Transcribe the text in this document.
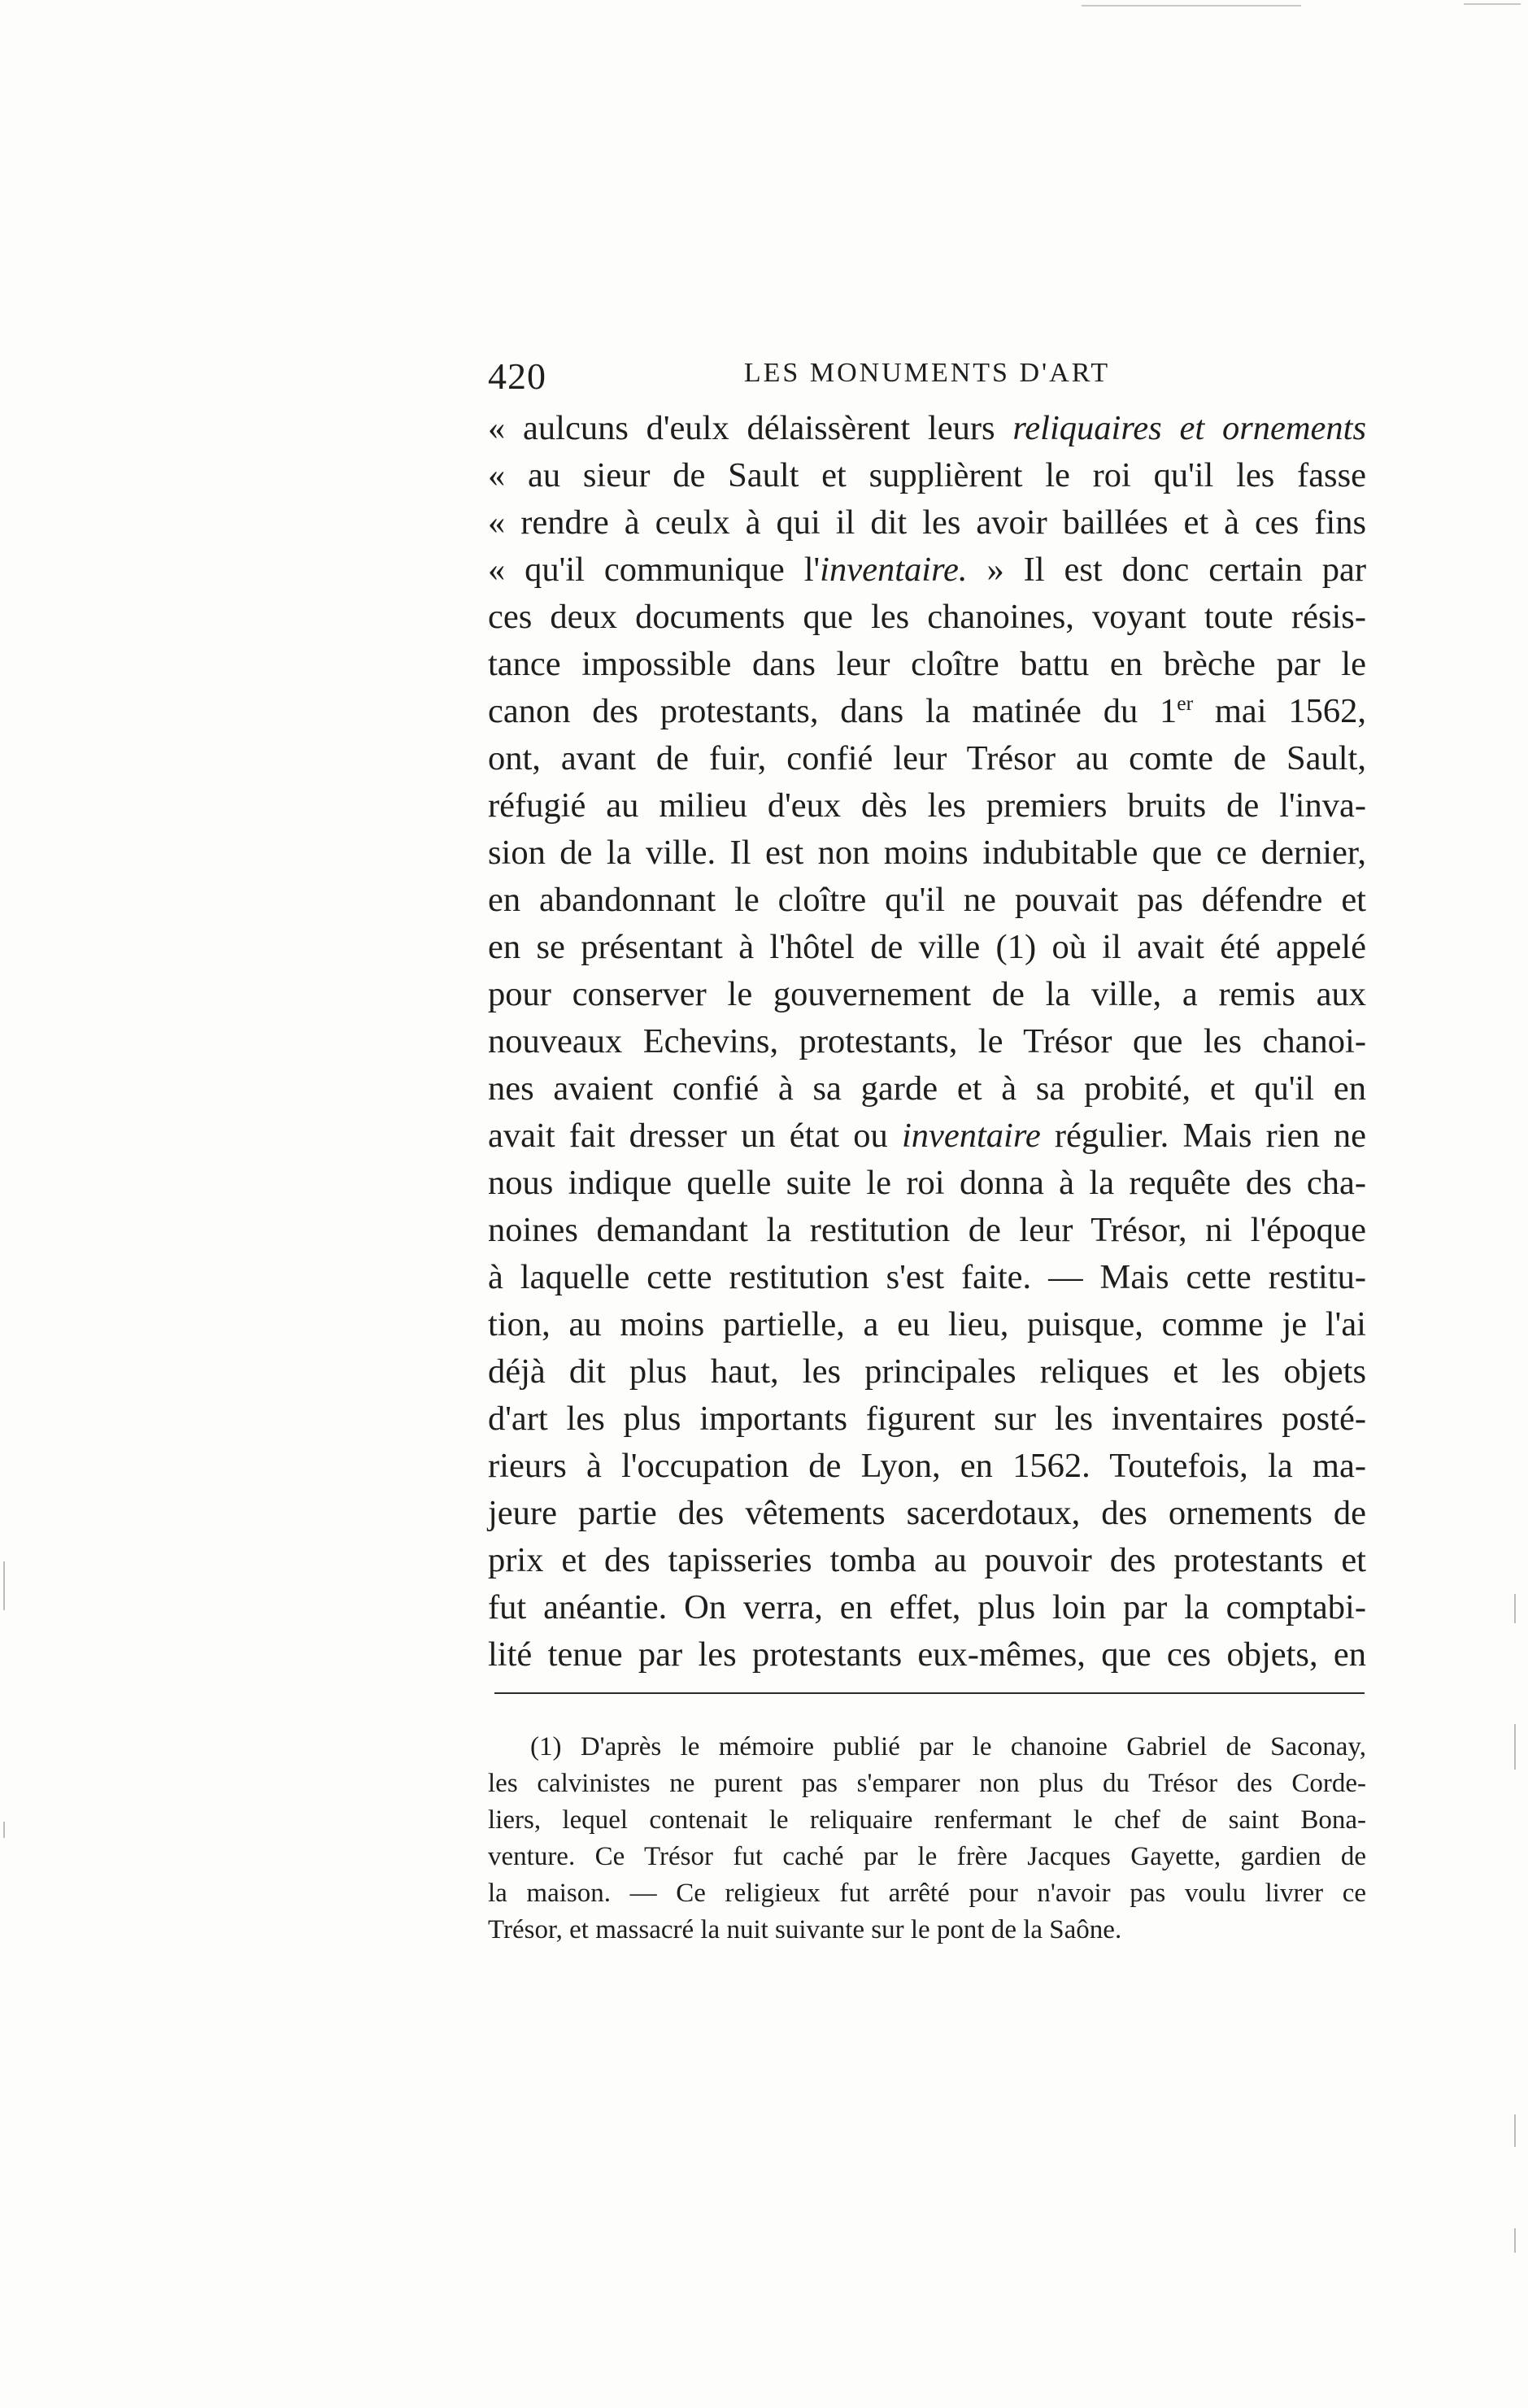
420	LES MONUMENTS D'ART
« aulcuns d'eulx délaissèrent leurs reliquaires et ornements
« au sieur de Sault et supplièrent le roi qu'il les fasse
« rendre à ceulx à qui il dit les avoir baillées et à ces fins
« qu'il communique l'inventaire. » Il est donc certain par
ces deux documents que les chanoines, voyant toute résis-
tance impossible dans leur cloître battu en brèche par le
canon des protestants, dans la matinée du 1er mai 1562,
ont, avant de fuir, confié leur Trésor au comte de Sault,
réfugié au milieu d'eux dès les premiers bruits de l'inva-
sion de la ville. Il est non moins indubitable que ce dernier,
en abandonnant le cloître qu'il ne pouvait pas défendre et
en se présentant à l'hôtel de ville (1) où il avait été appelé
pour conserver le gouvernement de la ville, a remis aux
nouveaux Echevins, protestants, le Trésor que les chanoi-
nes avaient confié à sa garde et à sa probité, et qu'il en
avait fait dresser un état ou inventaire régulier. Mais rien ne
nous indique quelle suite le roi donna à la requête des cha-
noines demandant la restitution de leur Trésor, ni l'époque
à laquelle cette restitution s'est faite. — Mais cette restitu-
tion, au moins partielle, a eu lieu, puisque, comme je l'ai
déjà dit plus haut, les principales reliques et les objets
d'art les plus importants figurent sur les inventaires posté-
rieurs à l'occupation de Lyon, en 1562. Toutefois, la ma-
jeure partie des vêtements sacerdotaux, des ornements de
prix et des tapisseries tomba au pouvoir des protestants et
fut anéantie. On verra, en effet, plus loin par la comptabi-
lité tenue par les protestants eux-mêmes, que ces objets, en
(1) D'après le mémoire publié par le chanoine Gabriel de Saconay,
les calvinistes ne purent pas s'emparer non plus du Trésor des Corde-
liers, lequel contenait le reliquaire renfermant le chef de saint Bona-
venture. Ce Trésor fut caché par le frère Jacques Gayette, gardien de
la maison. — Ce religieux fut arrêté pour n'avoir pas voulu livrer ce
Trésor, et massacré la nuit suivante sur le pont de la Saône.
